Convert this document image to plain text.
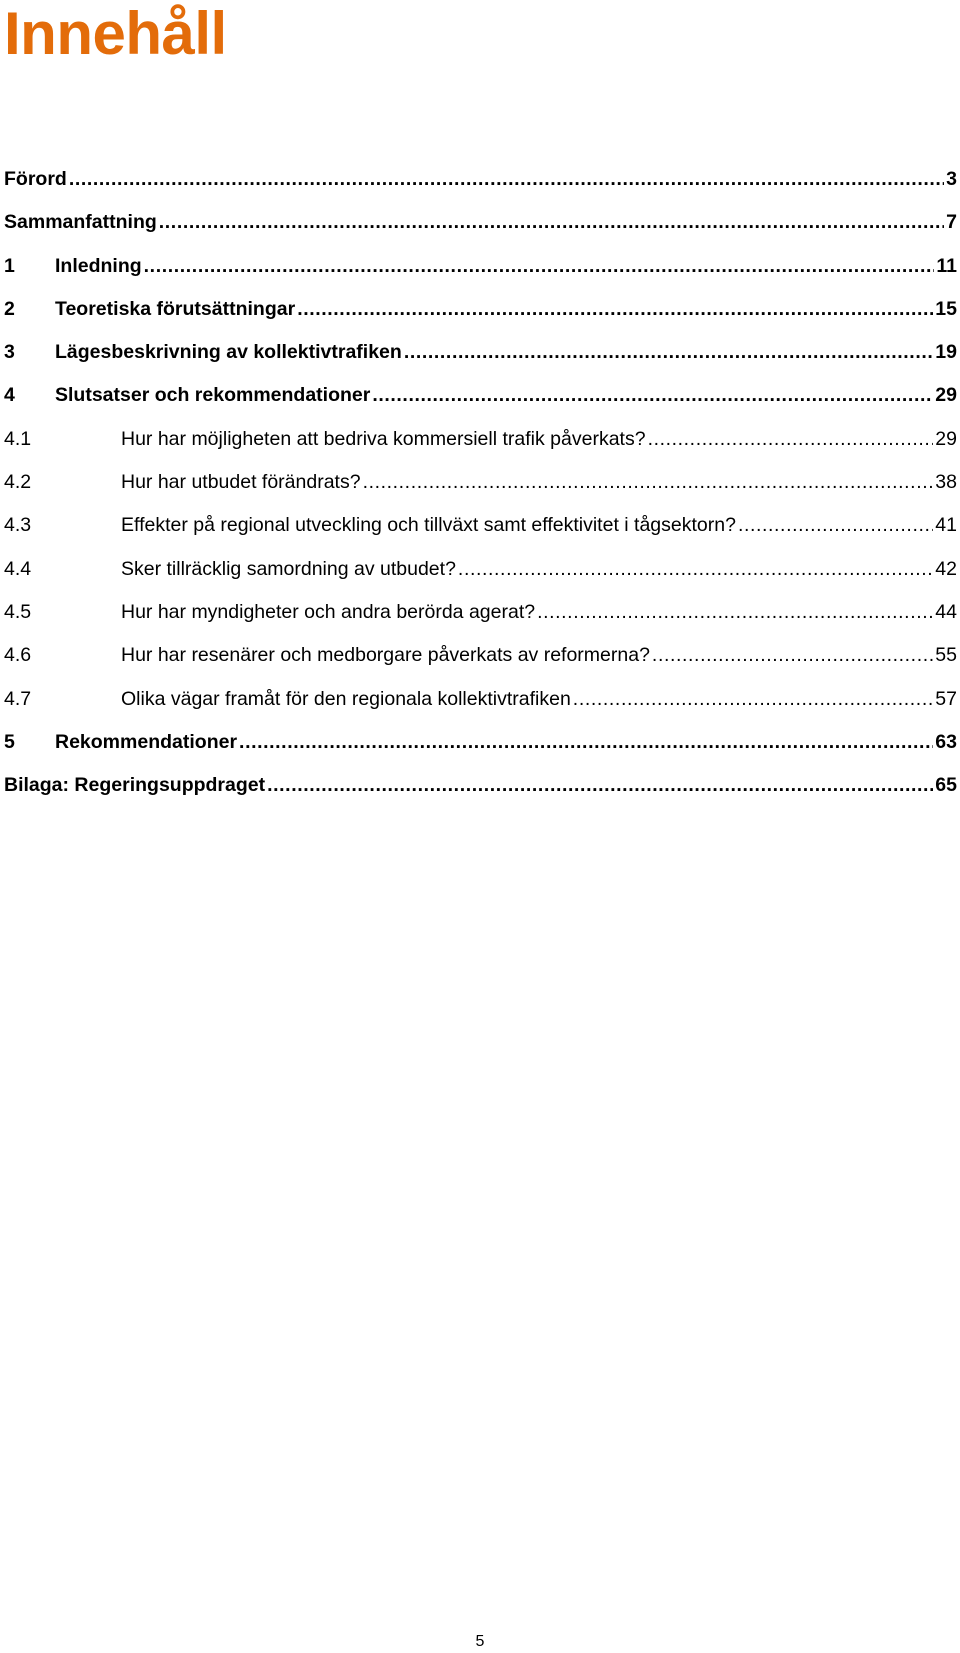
Innehåll
Förord .....	3
Sammanfattning .....	7
1	Inledning .....	11
2	Teoretiska förutsättningar .....	15
3	Lägesbeskrivning av kollektivtrafiken .....	19
4	Slutsatser och rekommendationer .....	29
4.1	Hur har möjligheten att bedriva kommersiell trafik påverkats? .....	29
4.2	Hur har utbudet förändrats? .....	38
4.3	Effekter på regional utveckling och tillväxt samt effektivitet i tågsektorn? .....	41
4.4	Sker tillräcklig samordning av utbudet? .....	42
4.5	Hur har myndigheter och andra berörda agerat? .....	44
4.6	Hur har resenärer och medborgare påverkats av reformerna? .....	55
4.7	Olika vägar framåt för den regionala kollektivtrafiken .....	57
5	Rekommendationer .....	63
Bilaga: Regeringsuppdraget .....	65

5
